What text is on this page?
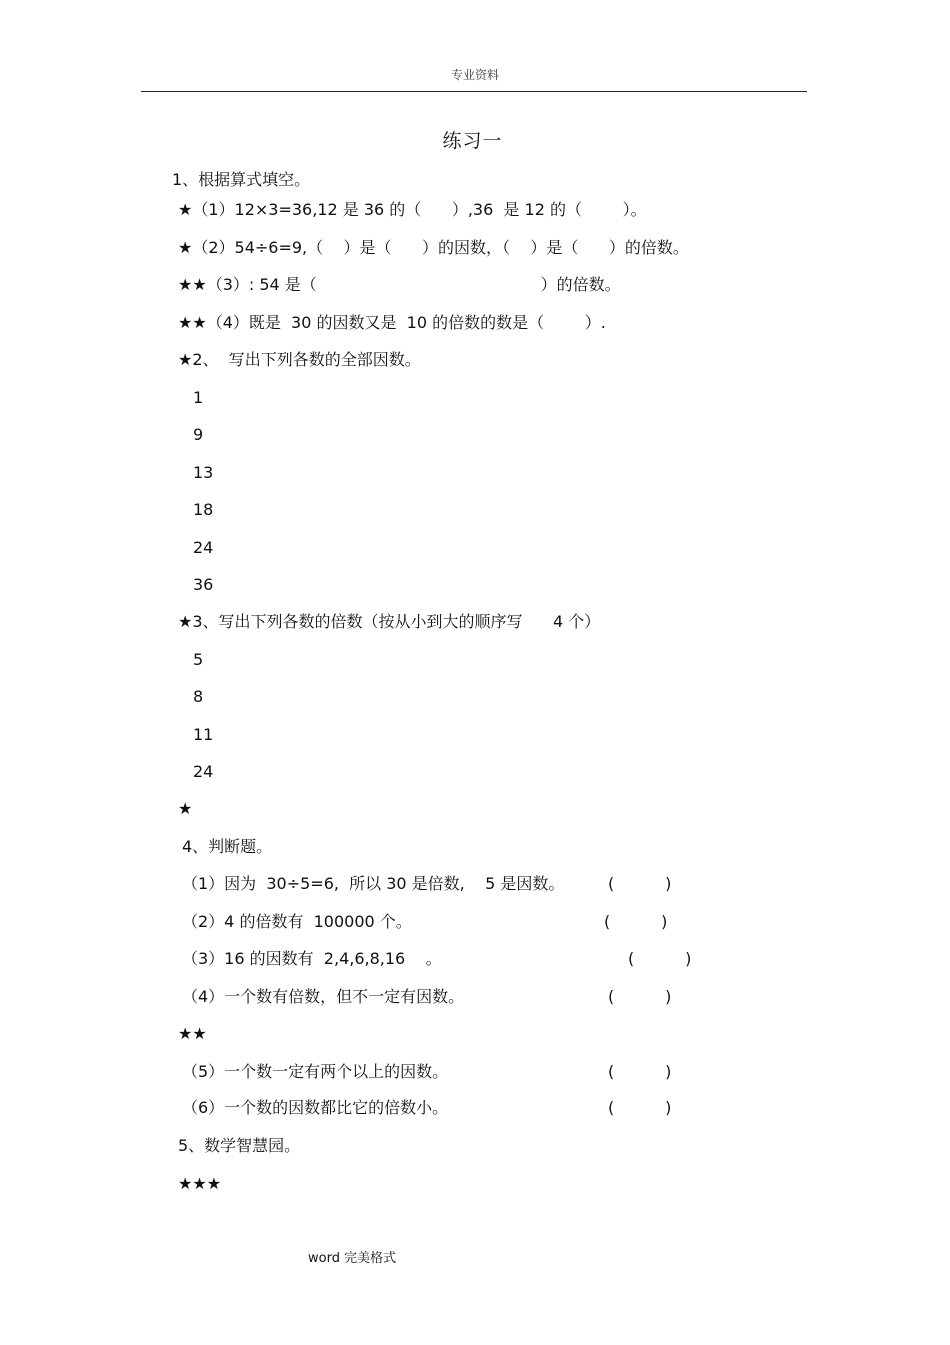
专业资料
练习一
1、根据算式填空。
★（1）12×3=36,12 是 36 的（      ）,36  是 12 的（        ）。
★（2）54÷6=9,（    ）是（      ）的因数，（    ）是（      ）的倍数。
★★（3）: 54 是（                                            ）的倍数。
★★（4）既是  30 的因数又是  10 的倍数的数是（        ）.
★2、  写出下列各数的全部因数。
1
9
13
18
24
36
★3、写出下列各数的倍数（按从小到大的顺序写      4 个）
5
8
11
24
★
4、判断题。
（1）因为  30÷5=6,  所以 30 是倍数,    5 是因数。	(          )
（2）4 的倍数有  100000 个。	(          )
（3）16 的因数有  2,4,6,8,16    。	(          )
（4）一个数有倍数，但不一定有因数。	(          )
★★
（5）一个数一定有两个以上的因数。	(          )
（6）一个数的因数都比它的倍数小。	(          )
5、数学智慧园。
★★★
word 完美格式
